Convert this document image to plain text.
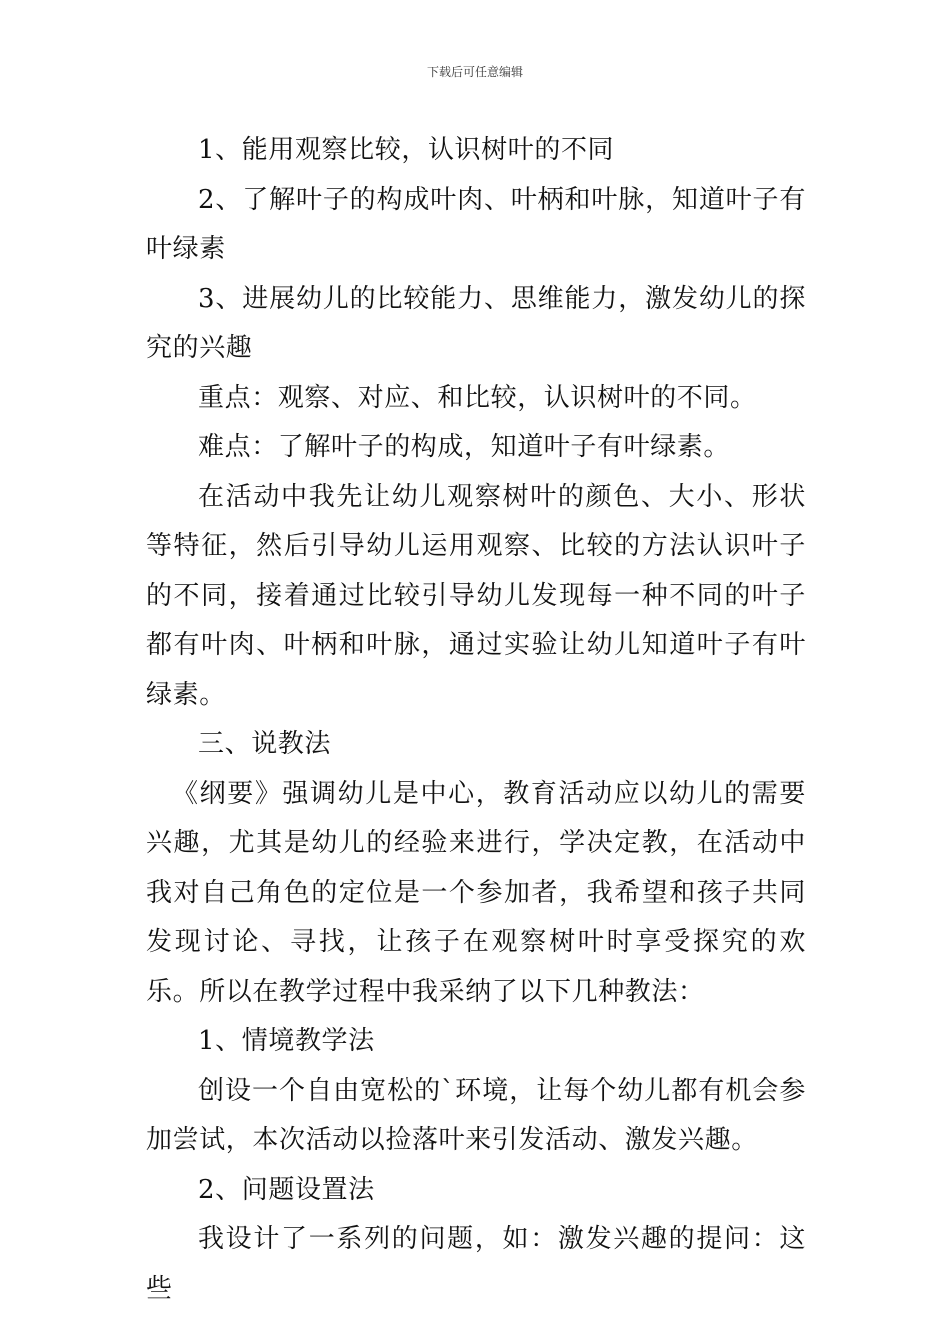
下载后可任意编辑

1、能用观察比较，认识树叶的不同

2、了解叶子的构成叶肉、叶柄和叶脉，知道叶子有叶绿素

3、进展幼儿的比较能力、思维能力，激发幼儿的探究的兴趣

重点：观察、对应、和比较，认识树叶的不同。

难点：了解叶子的构成，知道叶子有叶绿素。

在活动中我先让幼儿观察树叶的颜色、大小、形状等特征，然后引导幼儿运用观察、比较的方法认识叶子的不同，接着通过比较引导幼儿发现每一种不同的叶子都有叶肉、叶柄和叶脉，通过实验让幼儿知道叶子有叶绿素。

三、说教法

《纲要》强调幼儿是中心，教育活动应以幼儿的需要兴趣，尤其是幼儿的经验来进行，学决定教，在活动中我对自己角色的定位是一个参加者，我希望和孩子共同发现讨论、寻找，让孩子在观察树叶时享受探究的欢乐。所以在教学过程中我采纳了以下几种教法：

1、情境教学法

创设一个自由宽松的`环境，让每个幼儿都有机会参加尝试，本次活动以捡落叶来引发活动、激发兴趣。

2、问题设置法

我设计了一系列的问题，如：激发兴趣的提问：这些
